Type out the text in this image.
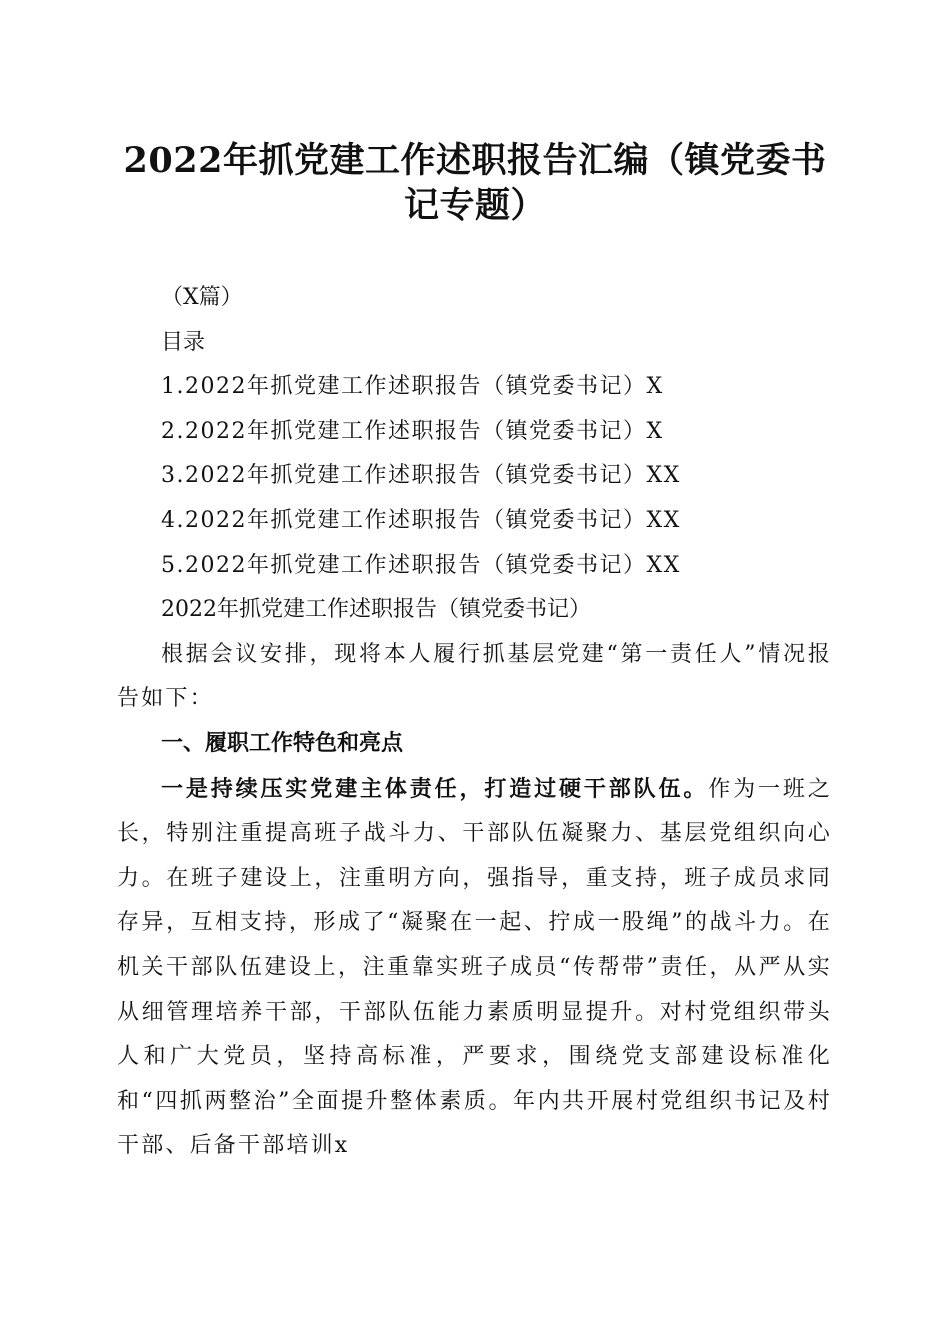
2022年抓党建工作述职报告汇编（镇党委书记专题）
（X篇）
目录
1.2022年抓党建工作述职报告（镇党委书记）X
2.2022年抓党建工作述职报告（镇党委书记）X
3.2022年抓党建工作述职报告（镇党委书记）XX
4.2022年抓党建工作述职报告（镇党委书记）XX
5.2022年抓党建工作述职报告（镇党委书记）XX
2022年抓党建工作述职报告（镇党委书记）

根据会议安排，现将本人履行抓基层党建“第一责任人”情况报告如下：

一、履职工作特色和亮点

一是持续压实党建主体责任，打造过硬干部队伍。作为一班之长，特别注重提高班子战斗力、干部队伍凝聚力、基层党组织向心力。在班子建设上，注重明方向，强指导，重支持，班子成员求同存异，互相支持，形成了“凝聚在一起、拧成一股绳”的战斗力。在机关干部队伍建设上，注重靠实班子成员“传帮带”责任，从严从实从细管理培养干部，干部队伍能力素质明显提升。对村党组织带头人和广大党员，坚持高标准，严要求，围绕党支部建设标准化和“四抓两整治”全面提升整体素质。年内共开展村党组织书记及村干部、后备干部培训x
